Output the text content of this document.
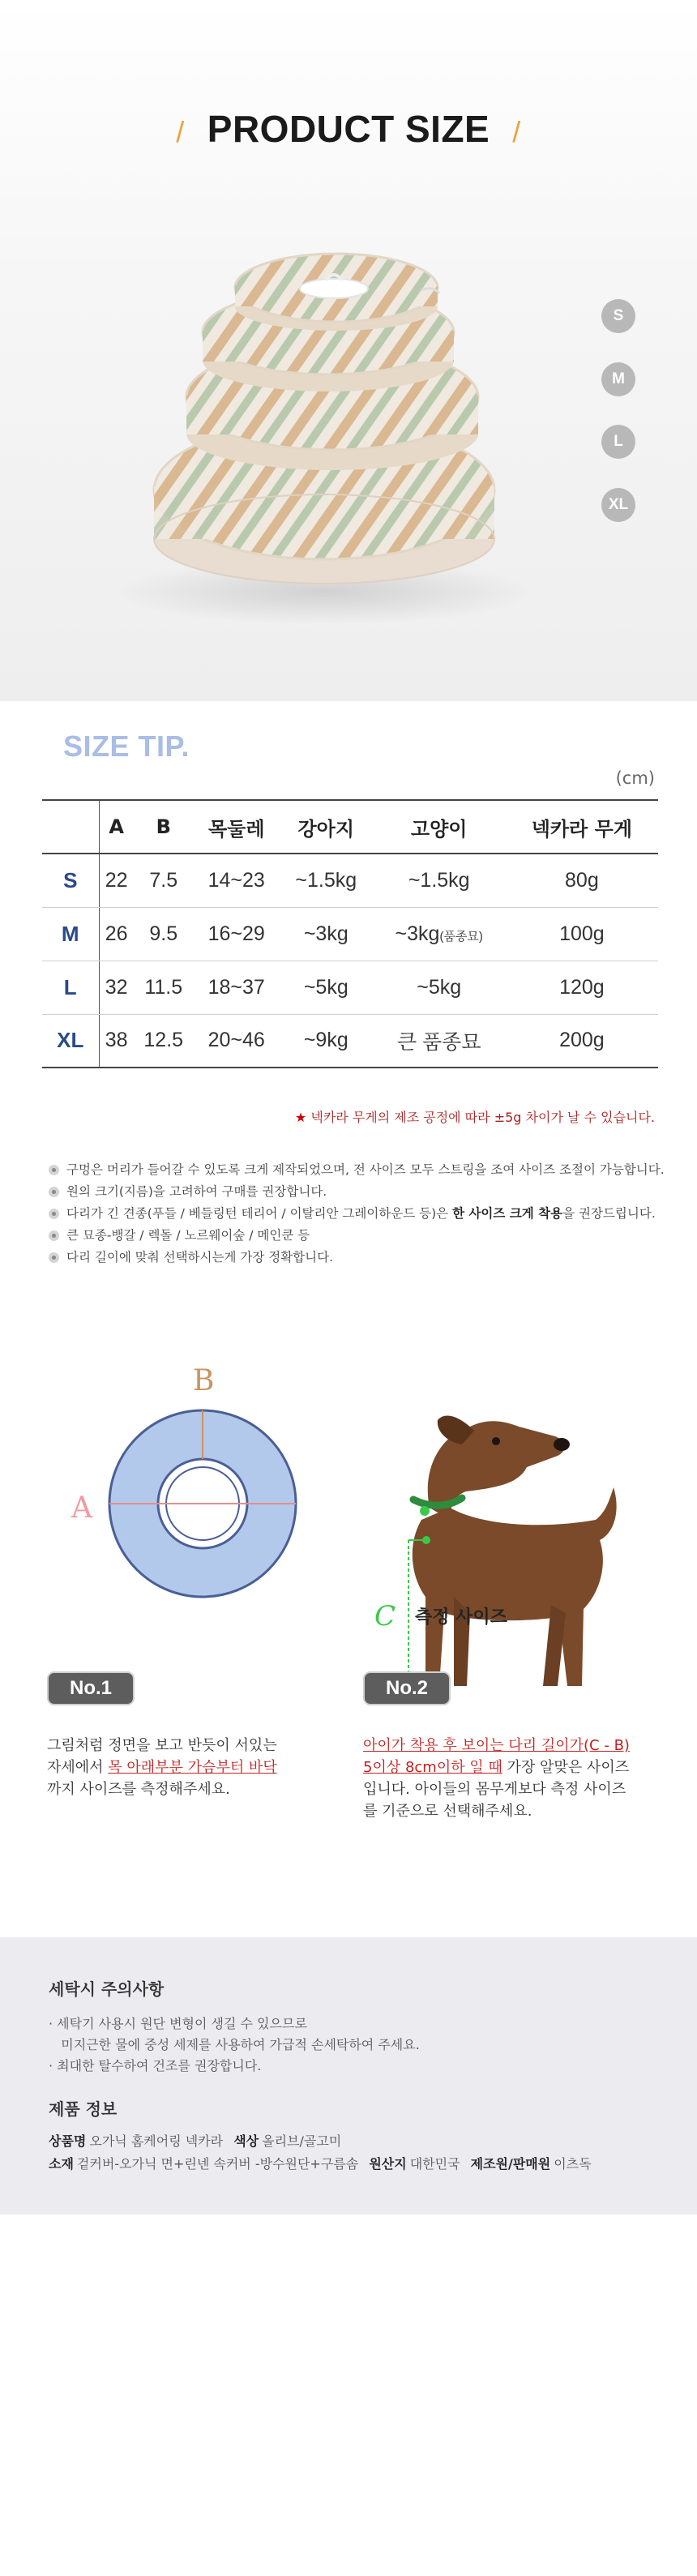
/ PRODUCT SIZE /
S
M
L
XL
SIZE TIP.
(cm)
	A	B	목둘레	강아지	고양이	넥카라 무게
S	22	7.5	14~23	~1.5kg	~1.5kg	80g
M	26	9.5	16~29	~3kg	~3kg(품종묘)	100g
L	32	11.5	18~37	~5kg	~5kg	120g
XL	38	12.5	20~46	~9kg	큰 품종묘	200g
★ 넥카라 무게의 제조 공정에 따라 ±5g 차이가 날 수 있습니다.
구멍은 머리가 들어갈 수 있도록 크게 제작되었으며, 전 사이즈 모두 스트링을 조여 사이즈 조절이 가능합니다.
원의 크기(지름)을 고려하여 구매를 권장합니다.
다리가 긴 견종(푸들 / 베들링턴 테리어 / 이탈리안 그레이하운드 등)은 한 사이즈 크게 착용을 권장드립니다.
큰 묘종-뱅갈 / 렉돌 / 노르웨이숲 / 메인쿤 등
다리 길이에 맞춰 선택하시는게 가장 정확합니다.
A
B
C 측정 사이즈
No.1	No.2
그림처럼 정면을 보고 반듯이 서있는
자세에서 목 아래부분 가슴부터 바닥
까지 사이즈를 측정해주세요.
아이가 착용 후 보이는 다리 길이가(C - B)
5이상 8cm이하 일 때 가장 알맞은 사이즈
입니다. 아이들의 몸무게보다 측정 사이즈
를 기준으로 선택해주세요.
세탁시 주의사항
· 세탁기 사용시 원단 변형이 생길 수 있으므로
미지근한 물에 중성 세제를 사용하여 가급적 손세탁하여 주세요.
· 최대한 탈수하여 건조를 권장합니다.
제품 정보
상품명 오가닉 홈케어링 넥카라 색상 올리브/골고미
소재 겉커버-오가닉 면+린넨 속커버 -방수원단+구름솜 원산지 대한민국 제조원/판매원 이츠독
